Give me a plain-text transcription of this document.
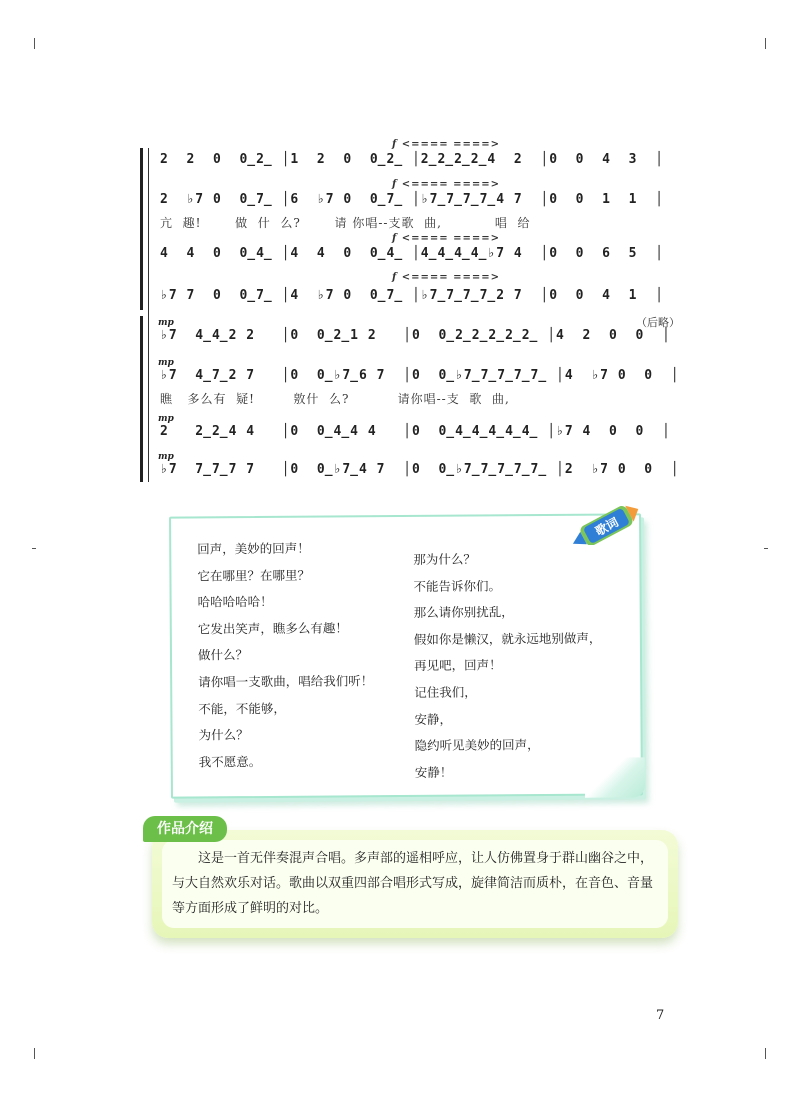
f <==== ====>
2  2  0  0̲2̲ │1  2  0  0̲2̲ │2̲2̲2̲2̲4  2  │0  0  4  3  │
f <==== ====>
2  ♭7 0  0̲7̲ │6  ♭7 0  0̲7̲ │♭7̲7̲7̲7̲4 7  │0  0  1  1  │
亢  趣!       做  什  么?       请 你唱--支歌  曲,           唱  给
f <==== ====>
4  4  0  0̲4̲ │4  4  0  0̲4̲ │4̲4̲4̲4̲♭7 4  │0  0  6  5  │
f <==== ====>
♭7 7  0  0̲7̲ │4  ♭7 0  0̲7̲ │♭7̲7̲7̲7̲2 7  │0  0  4  1  │
mp
♭7  4̲4̲2 2   │0  0̲2̲1 2   │0  0̲2̲2̲2̲2̲2̲ │4  2  0  0  │
mp
♭7  4̲7̲2 7   │0  0̲♭7̲6 7  │0  0̲♭7̲7̲7̲7̲7̲ │4  ♭7 0  0  │
瞧   多么有  疑!        敫什  么?          请你唱--支  歌  曲,
mp
2   2̲2̲4 4   │0  0̲4̲4 4   │0  0̲4̲4̲4̲4̲4̲ │♭7 4  0  0  │
mp
♭7  7̲7̲7 7   │0  0̲♭7̲4 7  │0  0̲♭7̲7̲7̲7̲7̲ │2  ♭7 0  0  │
（后略）
回声，美妙的回声！
它在哪里？在哪里？
哈哈哈哈哈！
它发出笑声，瞧多么有趣！
做什么？
请你唱一支歌曲，唱给我们听！
不能，不能够，
为什么？
我不愿意。
那为什么？
不能告诉你们。
那么请你别扰乱，
假如你是懒汉，就永远地别做声，
再见吧，回声！
记住我们，
安静，
隐约听见美妙的回声，
安静！
歌词
这是一首无伴奏混声合唱。多声部的遥相呼应，让人仿佛置身于群山幽谷之中，与大自然欢乐对话。歌曲以双重四部合唱形式写成，旋律简洁而质朴，在音色、音量等方面形成了鲜明的对比。
作品介绍
7
